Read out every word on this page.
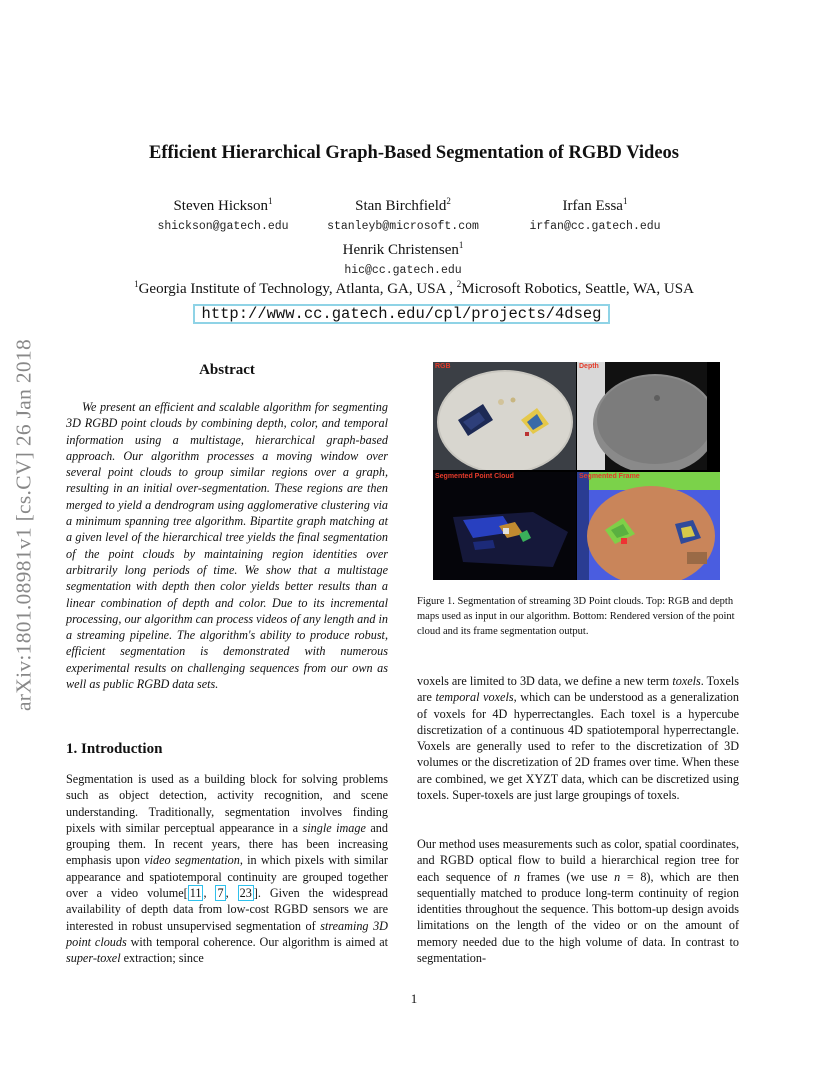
arXiv:1801.08981v1 [cs.CV] 26 Jan 2018
Efficient Hierarchical Graph-Based Segmentation of RGBD Videos
Steven Hickson$^1$
shickson@gatech.edu
Stan Birchfield$^2$
stanleyb@microsoft.com
Irfan Essa$^1$
irfan@cc.gatech.edu
Henrik Christensen$^1$
hic@cc.gatech.edu
$^1$Georgia Institute of Technology, Atlanta, GA, USA , $^2$Microsoft Robotics, Seattle, WA, USA
http://www.cc.gatech.edu/cpl/projects/4dseg
Abstract
We present an efficient and scalable algorithm for segmenting 3D RGBD point clouds by combining depth, color, and temporal information using a multistage, hierarchical graph-based approach. Our algorithm processes a moving window over several point clouds to group similar regions over a graph, resulting in an initial over-segmentation. These regions are then merged to yield a dendrogram using agglomerative clustering via a minimum spanning tree algorithm. Bipartite graph matching at a given level of the hierarchical tree yields the final segmentation of the point clouds by maintaining region identities over arbitrarily long periods of time. We show that a multistage segmentation with depth then color yields better results than a linear combination of depth and color. Due to its incremental processing, our algorithm can process videos of any length and in a streaming pipeline. The algorithm's ability to produce robust, efficient segmentation is demonstrated with numerous experimental results on challenging sequences from our own as well as public RGBD data sets.
1. Introduction
Segmentation is used as a building block for solving problems such as object detection, activity recognition, and scene understanding. Traditionally, segmentation involves finding pixels with similar perceptual appearance in a single image and grouping them. In recent years, there has been increasing emphasis upon video segmentation, in which pixels with similar appearance and spatiotemporal continuity are grouped together over a video volume[ 11 , 7 , 23 ]. Given the widespread availability of depth data from low-cost RGBD sensors we are interested in robust unsupervised segmentation of streaming 3D point clouds with temporal coherence. Our algorithm is aimed at super-toxel extraction; since
RGB	Depth
Segmented Point Cloud	Segmented Frame
Figure 1. Segmentation of streaming 3D Point clouds. Top: RGB and depth maps used as input in our algorithm. Bottom: Rendered version of the point cloud and its frame segmentation output.
voxels are limited to 3D data, we define a new term toxels. Toxels are temporal voxels, which can be understood as a generalization of voxels for 4D hyperrectangles. Each toxel is a hypercube discretization of a continuous 4D spatiotemporal hyperrectangle. Voxels are generally used to refer to the discretization of 3D volumes or the discretization of 2D frames over time. When these are combined, we get XYZT data, which can be discretized using toxels. Super-toxels are just large groupings of toxels.
Our method uses measurements such as color, spatial coordinates, and RGBD optical flow to build a hierarchical region tree for each sequence of n frames (we use n = 8), which are then sequentially matched to produce long-term continuity of region identities throughout the sequence. This bottom-up design avoids limitations on the length of the video or on the amount of memory needed due to the high volume of data. In contrast to segmentation-
1
